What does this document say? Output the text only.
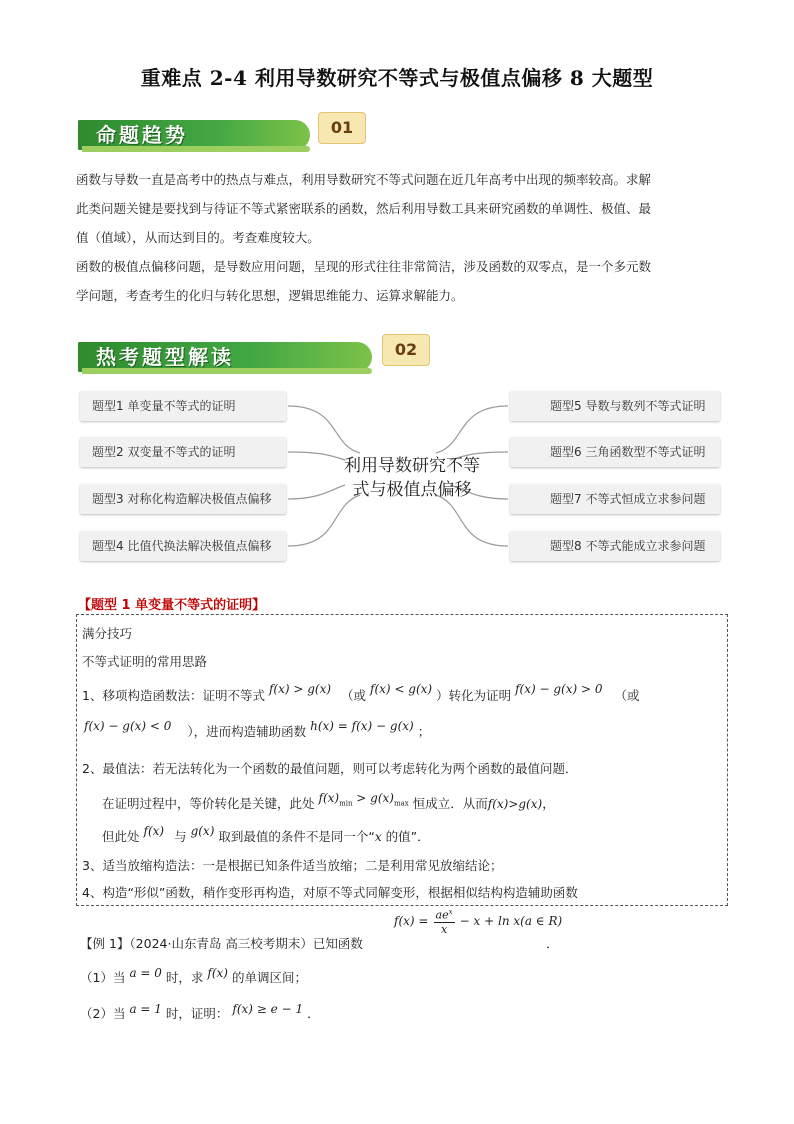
重难点 2-4 利用导数研究不等式与极值点偏移 8 大题型
命题趋势	01
函数与导数一直是高考中的热点与难点，利用导数研究不等式问题在近几年高考中出现的频率较高。求解
此类问题关键是要找到与待证不等式紧密联系的函数，然后利用导数工具来研究函数的单调性、极值、最
值（值域），从而达到目的。考查难度较大。
函数的极值点偏移问题，是导数应用问题，呈现的形式往往非常简洁，涉及函数的双零点，是一个多元数
学问题，考查考生的化归与转化思想，逻辑思维能力、运算求解能力。
热考题型解读	02
利用导数研究不等
式与极值点偏移
题型1 单变量不等式的证明
题型2 双变量不等式的证明
题型3 对称化构造解决极值点偏移
题型4 比值代换法解决极值点偏移
题型5 导数与数列不等式证明
题型6 三角函数型不等式证明
题型7 不等式恒成立求参问题
题型8 不等式能成立求参问题
【题型 1 单变量不等式的证明】
满分技巧
不等式证明的常用思路
1、移项构造函数法：证明不等式 f(x) > g(x) （或 f(x) < g(x) ）转化为证明 f(x) − g(x) > 0 （或
f(x) − g(x) < 0 ），进而构造辅助函数 h(x) = f(x) − g(x) ；
2、最值法：若无法转化为一个函数的最值问题，则可以考虑转化为两个函数的最值问题．
在证明过程中，等价转化是关键，此处 $f(x)_{min} > g(x)_{max}$ 恒成立．从而f(x)>g(x)，
但此处 f(x) 与 g(x) 取到最值的条件不是同一个“x 的值”．
3、适当放缩构造法：一是根据已知条件适当放缩；二是利用常见放缩结论；
4、构造“形似”函数，稍作变形再构造，对原不等式同解变形，根据相似结构构造辅助函数
【例 1】（2024·山东青岛 高三校考期末）已知函数
$^{f(x) =}$ $ae^x$
x
$^{- x + ln x(a \in R)}$
．
（1）当 a = 0 时，求 f(x) 的单调区间；
（2）当 a = 1 时，证明： f(x) ≥ e − 1 ．
